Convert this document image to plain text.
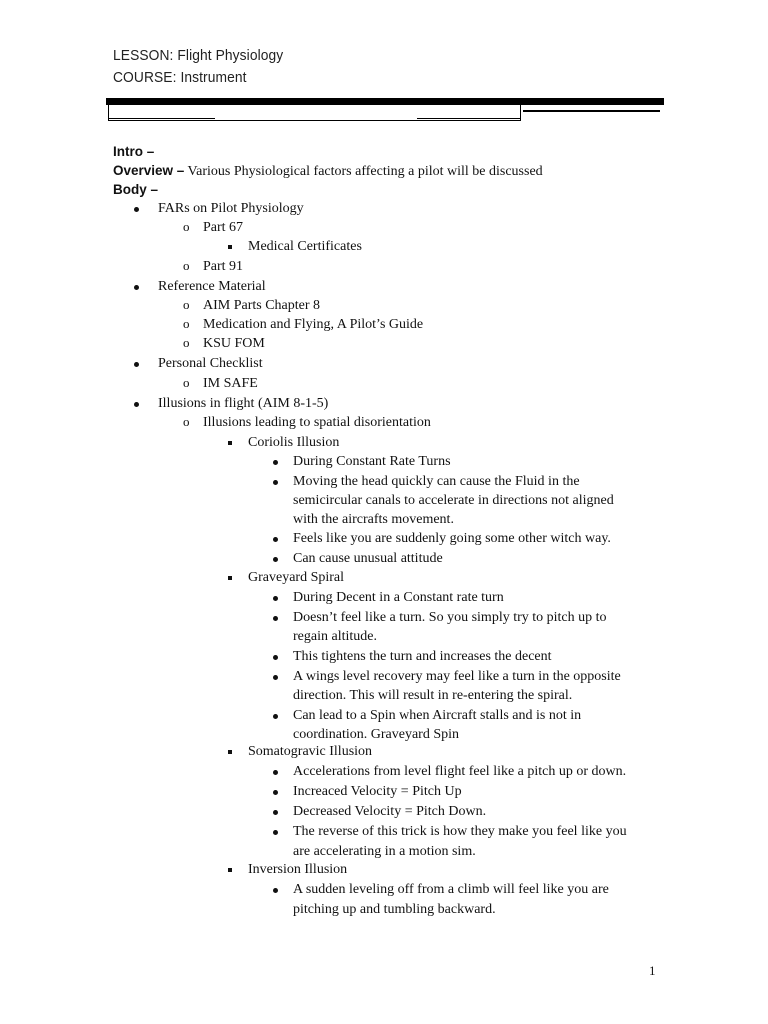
LESSON: Flight Physiology
COURSE: Instrument
Intro –
Overview – Various Physiological factors affecting a pilot will be discussed
Body –
FARs on Pilot Physiology
Part 67
o
Medical Certificates
Part 91
o
Reference Material
AIM Parts Chapter 8
o
Medication and Flying, A Pilot’s Guide
o
KSU FOM
o
Personal Checklist
IM SAFE
o
Illusions in flight (AIM 8-1-5)
Illusions leading to spatial disorientation
o
Coriolis Illusion
During Constant Rate Turns
Moving the head quickly can cause the Fluid in the
semicircular canals to accelerate in directions not aligned
with the aircrafts movement.
Feels like you are suddenly going some other witch way.
Can cause unusual attitude
Graveyard Spiral
During Decent in a Constant rate turn
Doesn’t feel like a turn. So you simply try to pitch up to
regain altitude.
This tightens the turn and increases the decent
A wings level recovery may feel like a turn in the opposite
direction. This will result in re-entering the spiral.
Can lead to a Spin when Aircraft stalls and is not in
coordination. Graveyard Spin
Somatogravic Illusion
Accelerations from level flight feel like a pitch up or down.
Increaced Velocity = Pitch Up
Decreased Velocity = Pitch Down.
The reverse of this trick is how they make you feel like you
are accelerating in a motion sim.
Inversion Illusion
A sudden leveling off from a climb will feel like you are
pitching up and tumbling backward.
1
